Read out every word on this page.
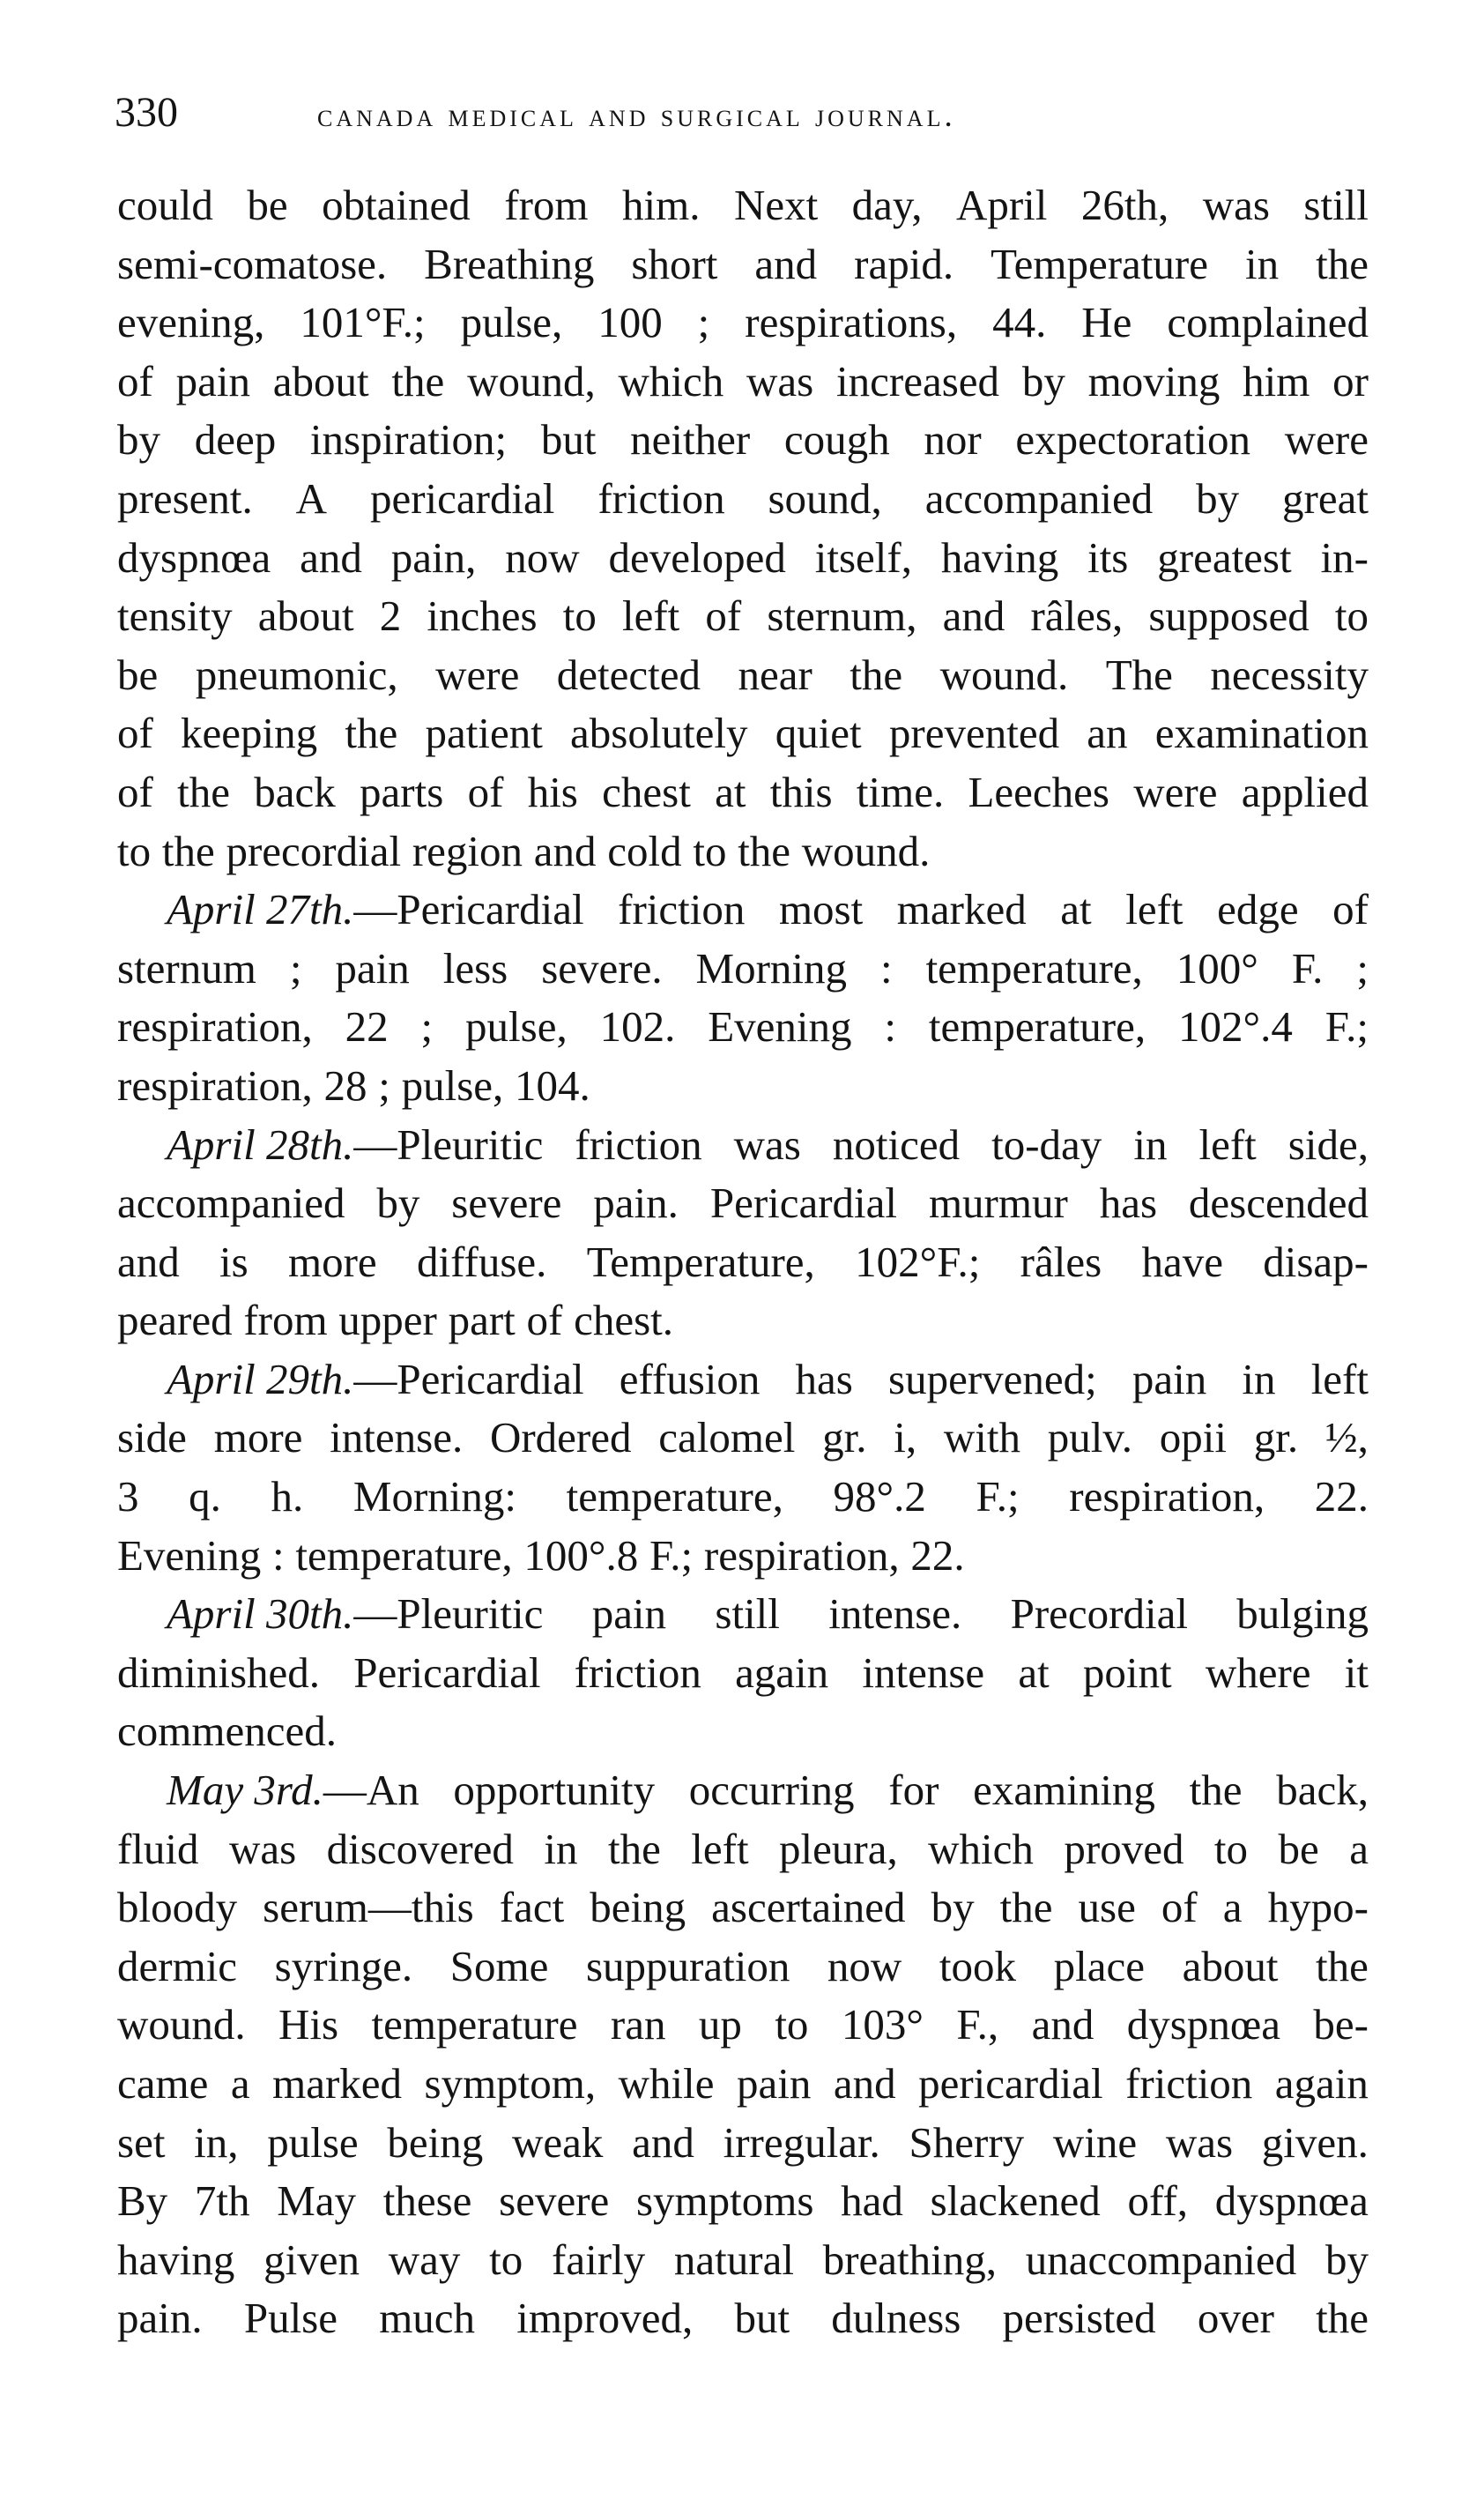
330	canada medical and surgical journal.
could be obtained from him. Next day, April 26th, was still
semi-comatose. Breathing short and rapid. Temperature in the
evening, 101°F.; pulse, 100 ; respirations, 44. He complained
of pain about the wound, which was increased by moving him or
by deep inspiration; but neither cough nor expectoration were
present. A pericardial friction sound, accompanied by great
dyspnœa and pain, now developed itself, having its greatest in-
tensity about 2 inches to left of sternum, and râles, supposed to
be pneumonic, were detected near the wound. The necessity
of keeping the patient absolutely quiet prevented an examination
of the back parts of his chest at this time. Leeches were applied
to the precordial region and cold to the wound.
April 27th.—Pericardial friction most marked at left edge of
sternum ; pain less severe. Morning : temperature, 100° F. ;
respiration, 22 ; pulse, 102. Evening : temperature, 102°.4 F.;
respiration, 28 ; pulse, 104.
April 28th.—Pleuritic friction was noticed to-day in left side,
accompanied by severe pain. Pericardial murmur has descended
and is more diffuse. Temperature, 102°F.; râles have disap-
peared from upper part of chest.
April 29th.—Pericardial effusion has supervened; pain in left
side more intense. Ordered calomel gr. i, with pulv. opii gr. ½,
3 q. h. Morning: temperature, 98°.2 F.; respiration, 22.
Evening : temperature, 100°.8 F.; respiration, 22.
April 30th.—Pleuritic pain still intense. Precordial bulging
diminished. Pericardial friction again intense at point where it
commenced.
May 3rd.—An opportunity occurring for examining the back,
fluid was discovered in the left pleura, which proved to be a
bloody serum—this fact being ascertained by the use of a hypo-
dermic syringe. Some suppuration now took place about the
wound. His temperature ran up to 103° F., and dyspnœa be-
came a marked symptom, while pain and pericardial friction again
set in, pulse being weak and irregular. Sherry wine was given.
By 7th May these severe symptoms had slackened off, dyspnœa
having given way to fairly natural breathing, unaccompanied by
pain. Pulse much improved, but dulness persisted over the
